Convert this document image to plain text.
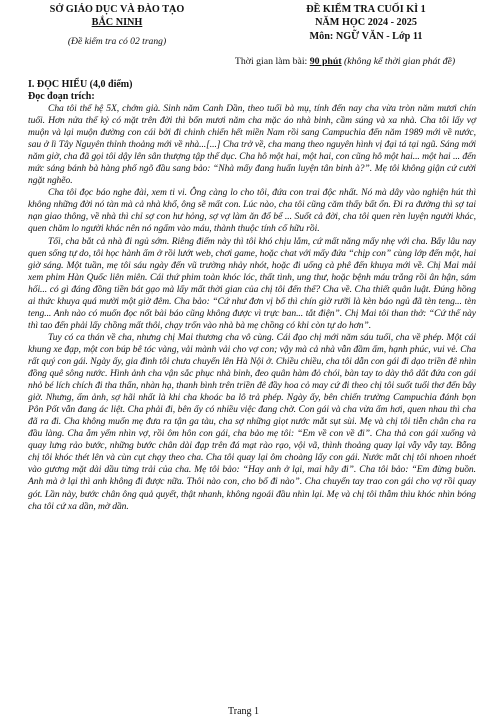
SỞ GIÁO DỤC VÀ ĐÀO TẠO
BẮC NINH
(Đề kiểm tra có 02 trang)
ĐỀ KIỂM TRA CUỐI KÌ 1
NĂM HỌC 2024 - 2025
Môn: NGỮ VĂN - Lớp 11
Thời gian làm bài: 90 phút (không kể thời gian phát đề)
I. ĐỌC HIỂU (4,0 điểm)
Đọc đoạn trích:

Cha tôi thế hệ 5X, chớm già. Sinh năm Canh Dần, theo tuổi bà mụ, tính đến nay cha vừa tròn năm mươi chín tuổi. Hơn nửa thế kỷ có mặt trên đời thì bốn mươi năm cha mặc áo nhà binh, cầm súng và xa nhà. Cha tôi lấy vợ muộn và lại muộn đường con cái bởi đi chinh chiến hết miền Nam rồi sang Campuchia đến năm 1989 mới về nước, sau ở lì Tây Nguyên thỉnh thoảng mới về nhà...[...] Cha trở về, cha mang theo nguyên hình vị đại tá tại ngũ. Sáng mới năm giờ, cha đã gọi tôi dậy lên sân thượng tập thể dục. Cha hô một hai, một hai, con cũng hô một hai... một hai ... đến mức sáng bánh bà hàng phố ngõ đầu sang bảo: “Nhà mấy đang huấn luyện tân binh à?”. Mẹ tôi không giận cứ cười ngặt nghẽo.

Cha tôi đọc báo nghe đài, xem ti vi. Ông càng lo cho tôi, đứa con trai độc nhất. Nó mà dây vào nghiện hút thì không những đời nó tàn mà cả nhà khổ, ông sẽ mất con. Lúc nào, cha tôi cũng căm thấy bất ổn. Đi ra đường thì sợ tai nạn giao thông, về nhà thì chỉ sợ con hư hỏng, sợ vợ làm ăn đổ bể ... Suốt cả đời, cha tôi quen rèn luyện người khác, quen chăm lo người khác nên nó ngấm vào máu, thành thuộc tính cố hữu rồi.

Tối, cha bắt cả nhà đi ngủ sớm. Riêng điểm này thì tôi khó chịu lắm, cứ mất năng mấy nhẹ với cha. Bấy lâu nay quen sống tự do, tôi học hành ẩm ở rồi lướt web, chơi game, hoặc chat với mấy đứa “chịp con” cùng lớp đến một, hai giờ sáng. Một tuần, mẹ tôi sáu ngày đến vũ trường nhảy nhót, hoặc đi uống cà phê đến khuya mới về. Chị Mai mải xem phim Hàn Quốc liên miên. Cái thứ phim toàn khóc lóc, thất tình, ung thư, hoặc bệnh máu trắng rồi ân hận, sám hối... có gì đáng đồng tiền bát gạo mà lấy mất thời gian của chị tôi đến thế? Cha về. Cha thiết quân luật. Đúng hồng ai thức khuya quá mười một giờ đêm. Cha bảo: “Cứ như đơn vị bố thì chín giờ rưỡi là kèn báo ngủ đã tèn teng... tèn teng... Anh nào có muốn đọc nốt bài báo cũng không được vì trực ban... tắt điện”. Chị Mai tôi than thở: “Cứ thế này thì tao đến phải lấy chồng mất thôi, chạy trốn vào nhà bà mẹ chồng có khi còn tự do hơn”.

Tuy có ca thán về cha, nhưng chị Mai thương cha vô cùng. Cái đạo chị mới năm sáu tuổi, cha về phép. Một cái khung xe đạp, một con búp bê tóc vàng, vải mành vải cho vợ con; vậy mà cả nhà vẫn đầm ấm, hạnh phúc, vui vẻ. Cha rất quý con gái. Ngày ấy, gia đình tôi chưa chuyển lên Hà Nội ở. Chiều chiều, cha tôi dẫn con gái đi dạo triền đê nhìn đồng quê sông nước. Hình ảnh cha vận sắc phục nhà binh, đeo quân hàm đỏ chói, bàn tay to dày thô dắt đứa con gái nhỏ bé lích chích đi tha thẩn, nhàn hạ, thanh bình trên triền đê đầy hoa cỏ may cứ đi theo chị tôi suốt tuổi thơ đến bây giờ. Nhưng, ấm ảnh, sợ hãi nhất là khi cha khoác ba lô trả phép. Ngày ấy, bên chiến trường Campuchia đánh bọn Pôn Pốt vẫn đang ác liệt. Cha phải đi, bên ấy có nhiều việc đang chờ. Con gái và cha vừa ấm hơi, quen nhau thì cha đã ra đi. Cha không muốn mẹ đưa ra tận ga tàu, cha sợ những giọt nước mắt sụt sùi. Mẹ và chị tôi tiễn chân cha ra đầu làng. Cha ẵm yếm nhìn vợ, rồi ôm hôn con gái, cha bảo mẹ tôi: “Em về con về đi”. Cha thả con gái xuống và quay lưng rảo bước, những bước chân dài đạp trên đá mạt rào rạo, vội vã, thình thoảng quay lại vẫy vẫy tay. Bỗng chị tôi khóc thét lên và cùn cụt chạy theo cha. Cha tôi quay lại ôm choàng lấy con gái. Nước mắt chị tôi nhoen nhoét vào gương mặt dài dầu từng trải của cha. Mẹ tôi bảo: “Hay anh ở lại, mai hãy đi”. Cha tôi bảo: “Em đừng buồn. Anh mà ở lại thì anh không đi được nữa. Thôi nào con, cho bố đi nào”. Cha chuyển tay trao con gái cho vợ rồi quay gót. Lần này, bước chân ông quả quyết, thật nhanh, không ngoái đầu nhìn lại. Mẹ và chị tôi thẫm thìu khóc nhìn bóng cha tôi cứ xa dần, mờ dần.

Trang 1
